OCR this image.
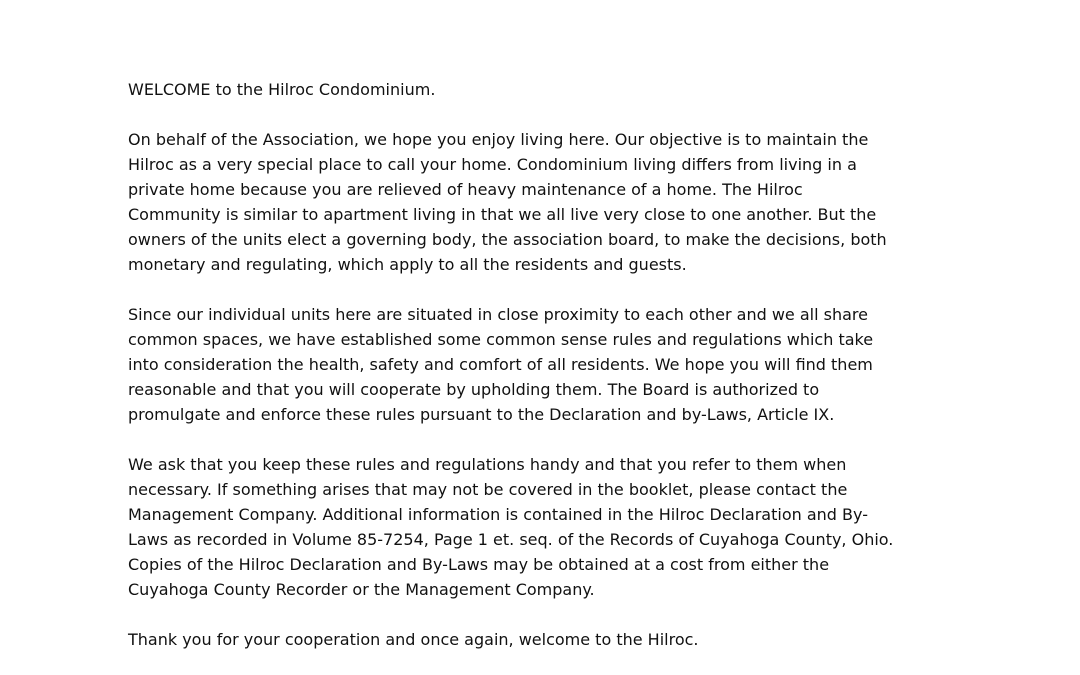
WELCOME to the Hilroc Condominium.
On behalf of the Association, we hope you enjoy living here. Our objective is to maintain the
Hilroc as a very special place to call your home. Condominium living differs from living in a
private home because you are relieved of heavy maintenance of a home. The Hilroc
Community is similar to apartment living in that we all live very close to one another. But the
owners of the units elect a governing body, the association board, to make the decisions, both
monetary and regulating, which apply to all the residents and guests.
Since our individual units here are situated in close proximity to each other and we all share
common spaces, we have established some common sense rules and regulations which take
into consideration the health, safety and comfort of all residents. We hope you will find them
reasonable and that you will cooperate by upholding them. The Board is authorized to
promulgate and enforce these rules pursuant to the Declaration and by-Laws, Article IX.
We ask that you keep these rules and regulations handy and that you refer to them when
necessary. If something arises that may not be covered in the booklet, please contact the
Management Company. Additional information is contained in the Hilroc Declaration and By-
Laws as recorded in Volume 85-7254, Page 1 et. seq. of the Records of Cuyahoga County, Ohio.
Copies of the Hilroc Declaration and By-Laws may be obtained at a cost from either the
Cuyahoga County Recorder or the Management Company.
Thank you for your cooperation and once again, welcome to the Hilroc.
